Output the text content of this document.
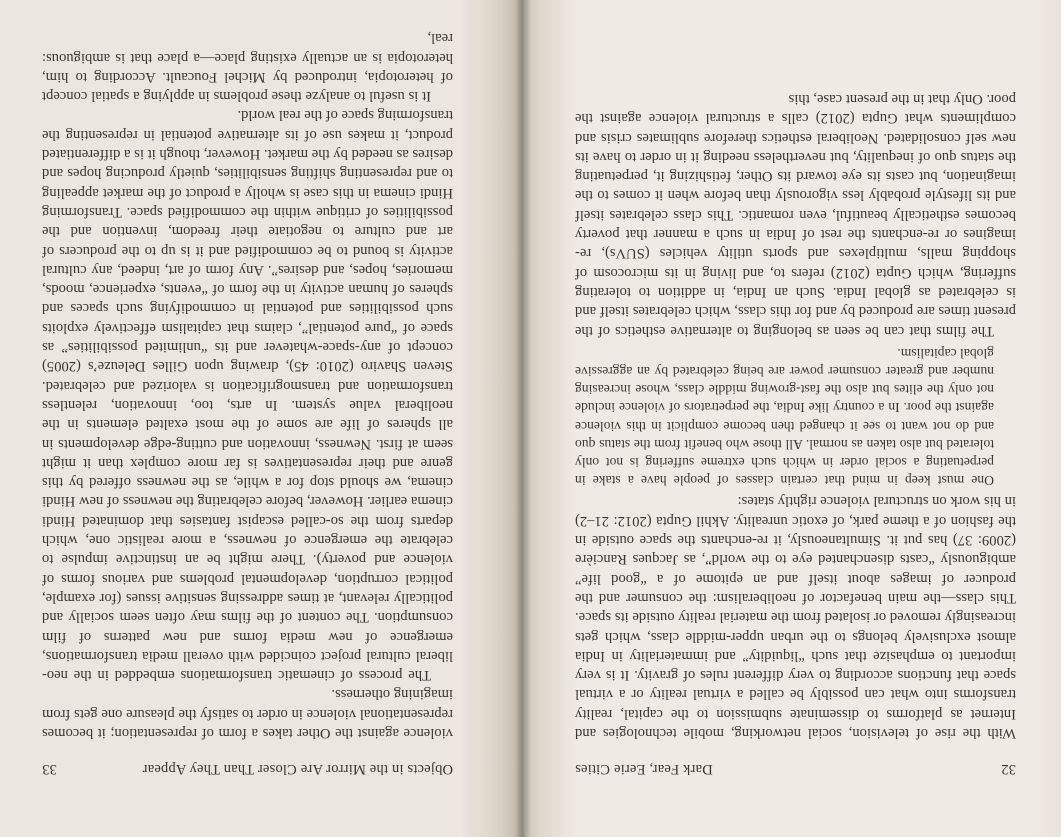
32
Dark Fear, Eerie Cities

With the rise of television, social networking, mobile technologies and Internet as platforms to disseminate submission to the capital, reality transforms into what can possibly be called a virtual reality or a virtual space that functions according to very different rules of gravity. It is very important to emphasize that such “liquidity” and immateriality in India almost exclusively belongs to the urban upper-middle class, which gets increasingly removed or isolated from the material reality outside its space. This class—the main benefactor of neoliberalism: the consumer and the producer of images about itself and an epitome of a “good life” ambiguously “casts disenchanted eye to the world”, as Jacques Rancière (2009: 37) has put it. Simultaneously, it re-enchants the space outside in the fashion of a theme park, of exotic unreality. Akhil Gupta (2012: 21–2) in his work on structural violence rightly states:

One must keep in mind that certain classes of people have a stake in perpetuating a social order in which such extreme suffering is not only tolerated but also taken as normal. All those who benefit from the status quo and do not want to see it changed then become complicit in this violence against the poor. In a country like India, the perpetrators of violence include not only the elites but also the fast-growing middle class, whose increasing number and greater consumer power are being celebrated by an aggressive global capitalism.

The films that can be seen as belonging to alternative esthetics of the present times are produced by and for this class, which celebrates itself and is celebrated as global India. Such an India, in addition to tolerating suffering, which Gupta (2012) refers to, and living in its microcosm of shopping malls, multiplexes and sports utility vehicles (SUVs), re-imagines or re-enchants the rest of India in such a manner that poverty becomes esthetically beautiful, even romantic. This class celebrates itself and its lifestyle probably less vigorously than before when it comes to the imagination, but casts its eye toward its Other, fetishizing it, perpetuating the status quo of inequality, but nevertheless needing it in order to have its new self consolidated. Neoliberal esthetics therefore sublimates crisis and compliments what Gupta (2012) calls a structural violence against the poor. Only that in the present case, this

Objects in the Mirror Are Closer Than They Appear
33

violence against the Other takes a form of representation; it becomes representational violence in order to satisfy the pleasure one gets from imagining otherness.

The process of cinematic transformations embedded in the neo-liberal cultural project coincided with overall media transformations, emergence of new media forms and new patterns of film consumption. The content of the films may often seem socially and politically relevant, at times addressing sensitive issues (for example, political corruption, developmental problems and various forms of violence and poverty). There might be an instinctive impulse to celebrate the emergence of newness, a more realistic one, which departs from the so-called escapist fantasies that dominated Hindi cinema earlier. However, before celebrating the newness of new Hindi cinema, we should stop for a while, as the newness offered by this genre and their representatives is far more complex than it might seem at first. Newness, innovation and cutting-edge developments in all spheres of life are some of the most exalted elements in the neoliberal value system. In arts, too, innovation, relentless transformation and transmogrification is valorized and celebrated. Steven Shaviro (2010: 45), drawing upon Gilles Deleuze’s (2005) concept of any-space-whatever and its “unlimited possibilities” as space of “pure potential”, claims that capitalism effectively exploits such possibilities and potential in commodifying such spaces and spheres of human activity in the form of “events, experience, moods, memories, hopes, and desires”. Any form of art, indeed, any cultural activity is bound to be commodified and it is up to the producers of art and culture to negotiate their freedom, invention and the possibilities of critique within the commodified space. Transforming Hindi cinema in this case is wholly a product of the market appealing to and representing shifting sensibilities, quietly producing hopes and desires as needed by the market. However, though it is a differentiated product, it makes use of its alternative potential in representing the transforming space of the real world.

It is useful to analyze these problems in applying a spatial concept of heterotopia, introduced by Michel Foucault. According to him, heterotopia is an actually existing place—a place that is ambiguous: real,
